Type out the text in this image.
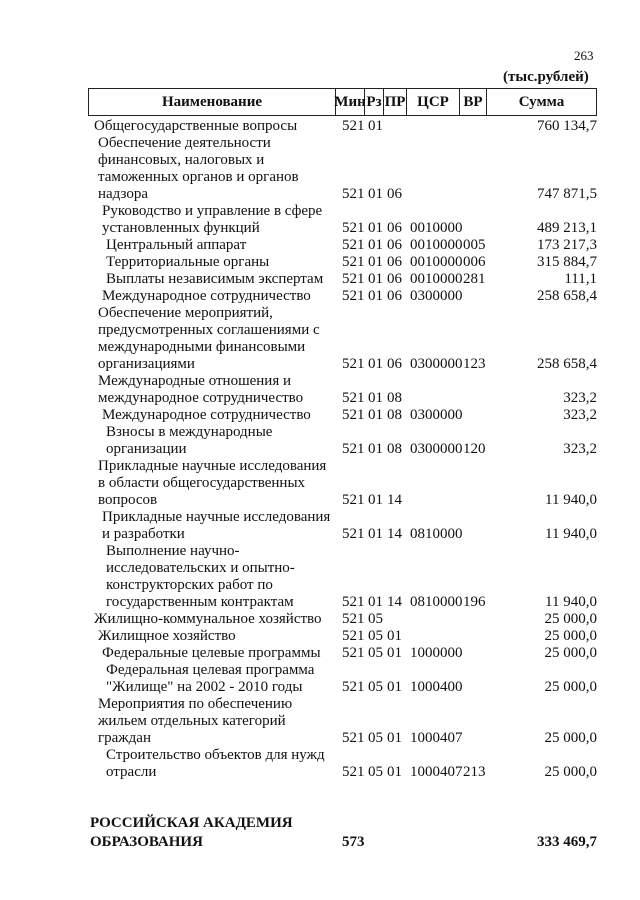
263
(тыс.рублей)
Наименование	Мин Рз ПР ЦСР ВР	Сумма
Общегосударственные вопросы	521 01	760 134,7
Обеспечение деятельности
финансовых, налоговых и
таможенных органов и органов
надзора	521 01 06	747 871,5
Руководство и управление в сфере
установленных функций	521 01 06 0010000	489 213,1
Центральный аппарат	521 01 06 0010000 005	173 217,3
Территориальные органы	521 01 06 0010000 006	315 884,7
Выплаты независимым экспертам	521 01 06 0010000 281	111,1
Международное сотрудничество	521 01 06 0300000	258 658,4
Обеспечение мероприятий,
предусмотренных соглашениями с
международными финансовыми
организациями	521 01 06 0300000 123	258 658,4
Международные отношения и
международное сотрудничество	521 01 08	323,2
Международное сотрудничество	521 01 08 0300000	323,2
Взносы в международные
организации	521 01 08 0300000 120	323,2
Прикладные научные исследования
в области общегосударственных
вопросов	521 01 14	11 940,0
Прикладные научные исследования
и разработки	521 01 14 0810000	11 940,0
Выполнение научно-
исследовательских и опытно-
конструкторских работ по
государственным контрактам	521 01 14 0810000 196	11 940,0
Жилищно-коммунальное хозяйство	521 05	25 000,0
Жилищное хозяйство	521 05 01	25 000,0
Федеральные целевые программы	521 05 01 1000000	25 000,0
Федеральная целевая программа
"Жилище" на 2002 - 2010 годы	521 05 01 1000400	25 000,0
Мероприятия по обеспечению
жильем отдельных категорий
граждан	521 05 01 1000407	25 000,0
Строительство объектов для нужд
отрасли	521 05 01 1000407 213	25 000,0
РОССИЙСКАЯ АКАДЕМИЯ
ОБРАЗОВАНИЯ	573	333 469,7
